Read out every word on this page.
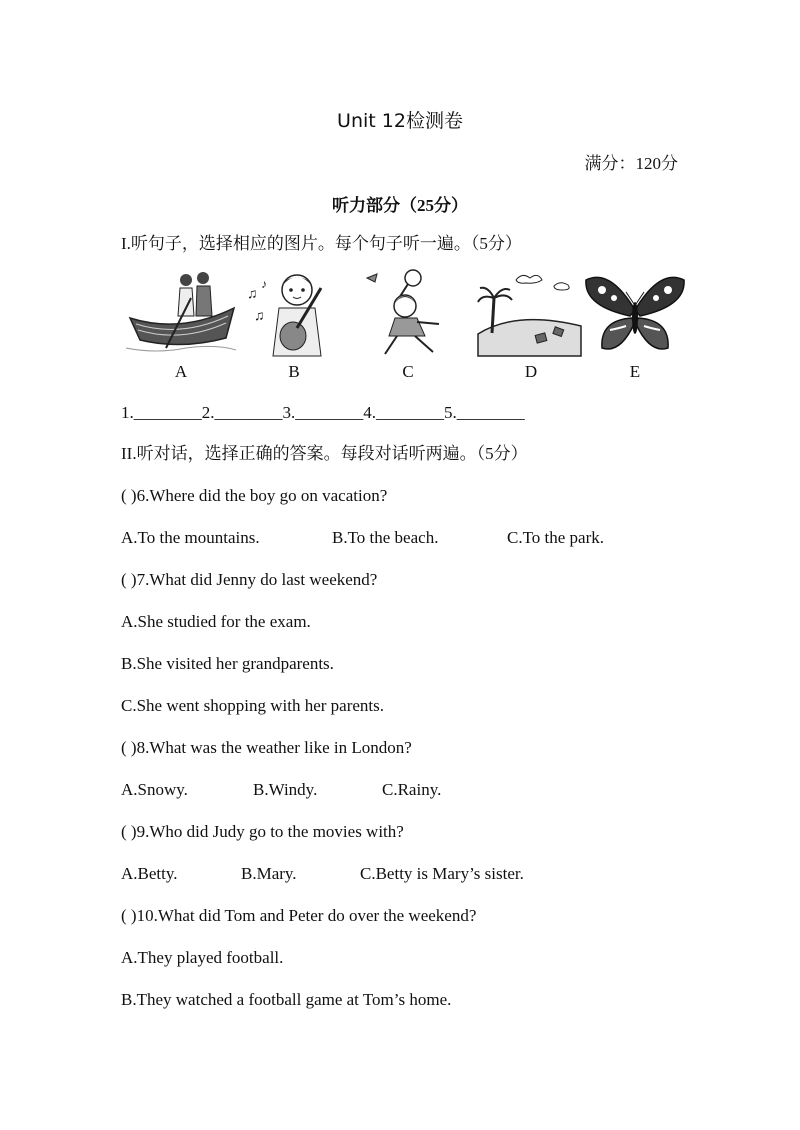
Unit 12检测卷
满分：120分
听力部分（25分）
I.听句子，选择相应的图片。每个句子听一遍。（5分）
A
♫
♪
♫
B	C	D	E
1.________2.________3.________4.________5.________
II.听对话，选择正确的答案。每段对话听两遍。（5分）
( )6.Where did the boy go on vacation?
A.To the mountains.	B.To the beach.	C.To the park.
( )7.What did Jenny do last weekend?
A.She studied for the exam.
B.She visited her grandparents.
C.She went shopping with her parents.
( )8.What was the weather like in London?
A.Snowy.	B.Windy.	C.Rainy.
( )9.Who did Judy go to the movies with?
A.Betty.	B.Mary.	C.Betty is Mary’s sister.
( )10.What did Tom and Peter do over the weekend?
A.They played football.
B.They watched a football game at Tom’s home.
